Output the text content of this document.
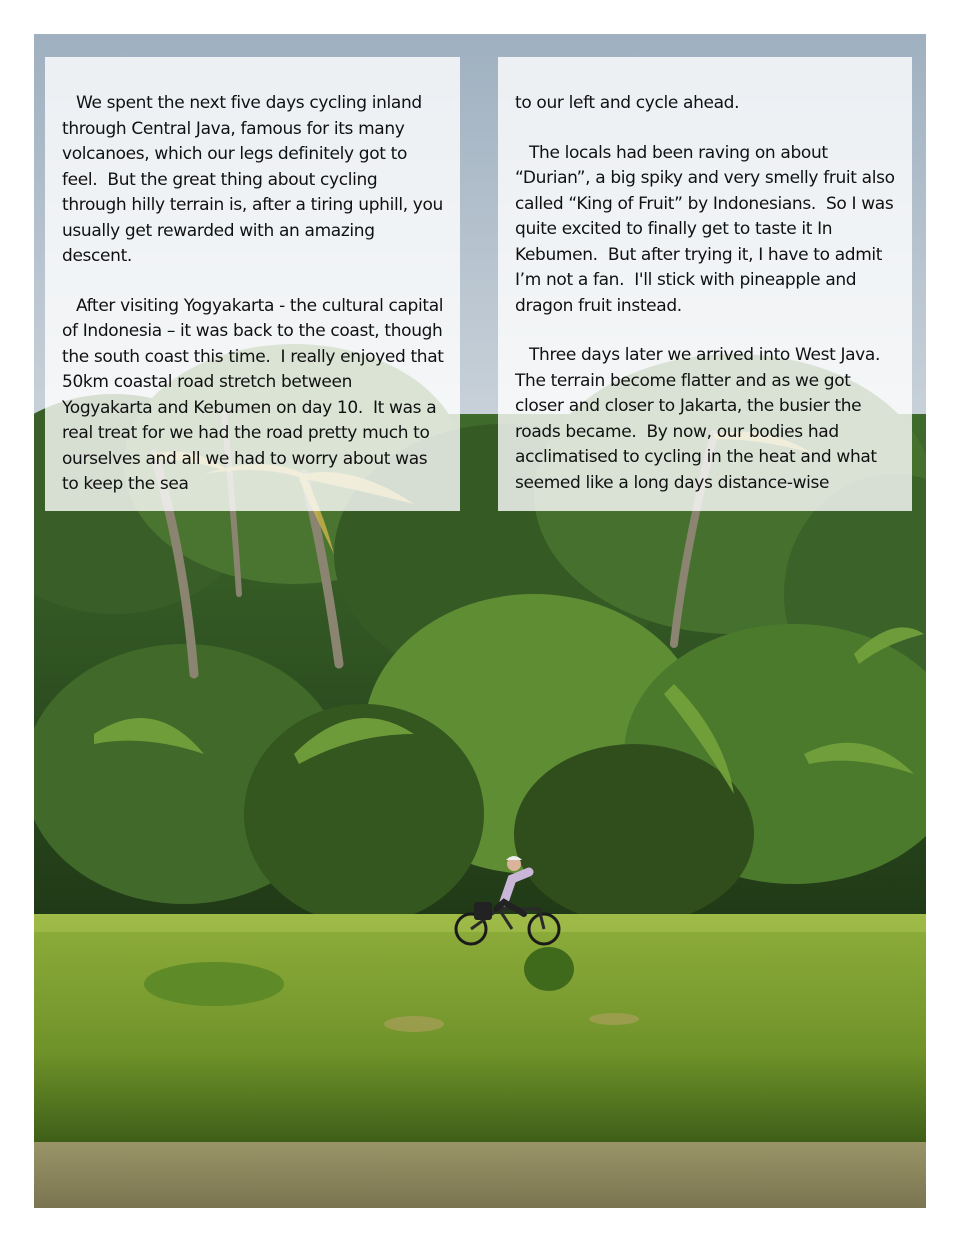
We spent the next five days cycling inland through Central Java, famous for its many volcanoes, which our legs definitely got to feel.  But the great thing about cycling through hilly terrain is, after a tiring uphill, you usually get rewarded with an amazing descent.

After visiting Yogyakarta - the cultural capital of Indonesia – it was back to the coast, though the south coast this time.  I really enjoyed that 50km coastal road stretch between Yogyakarta and Kebumen on day 10.  It was a real treat for we had the road pretty much to ourselves and all we had to worry about was to keep the sea

to our left and cycle ahead.

The locals had been raving on about “Durian”, a big spiky and very smelly fruit also called “King of Fruit” by Indonesians.  So I was quite excited to finally get to taste it In Kebumen.  But after trying it, I have to admit I’m not a fan.  I'll stick with pineapple and dragon fruit instead.

Three days later we arrived into West Java.  The terrain become flatter and as we got closer and closer to Jakarta, the busier the roads became.  By now, our bodies had acclimatised to cycling in the heat and what seemed like a long days distance-wise
